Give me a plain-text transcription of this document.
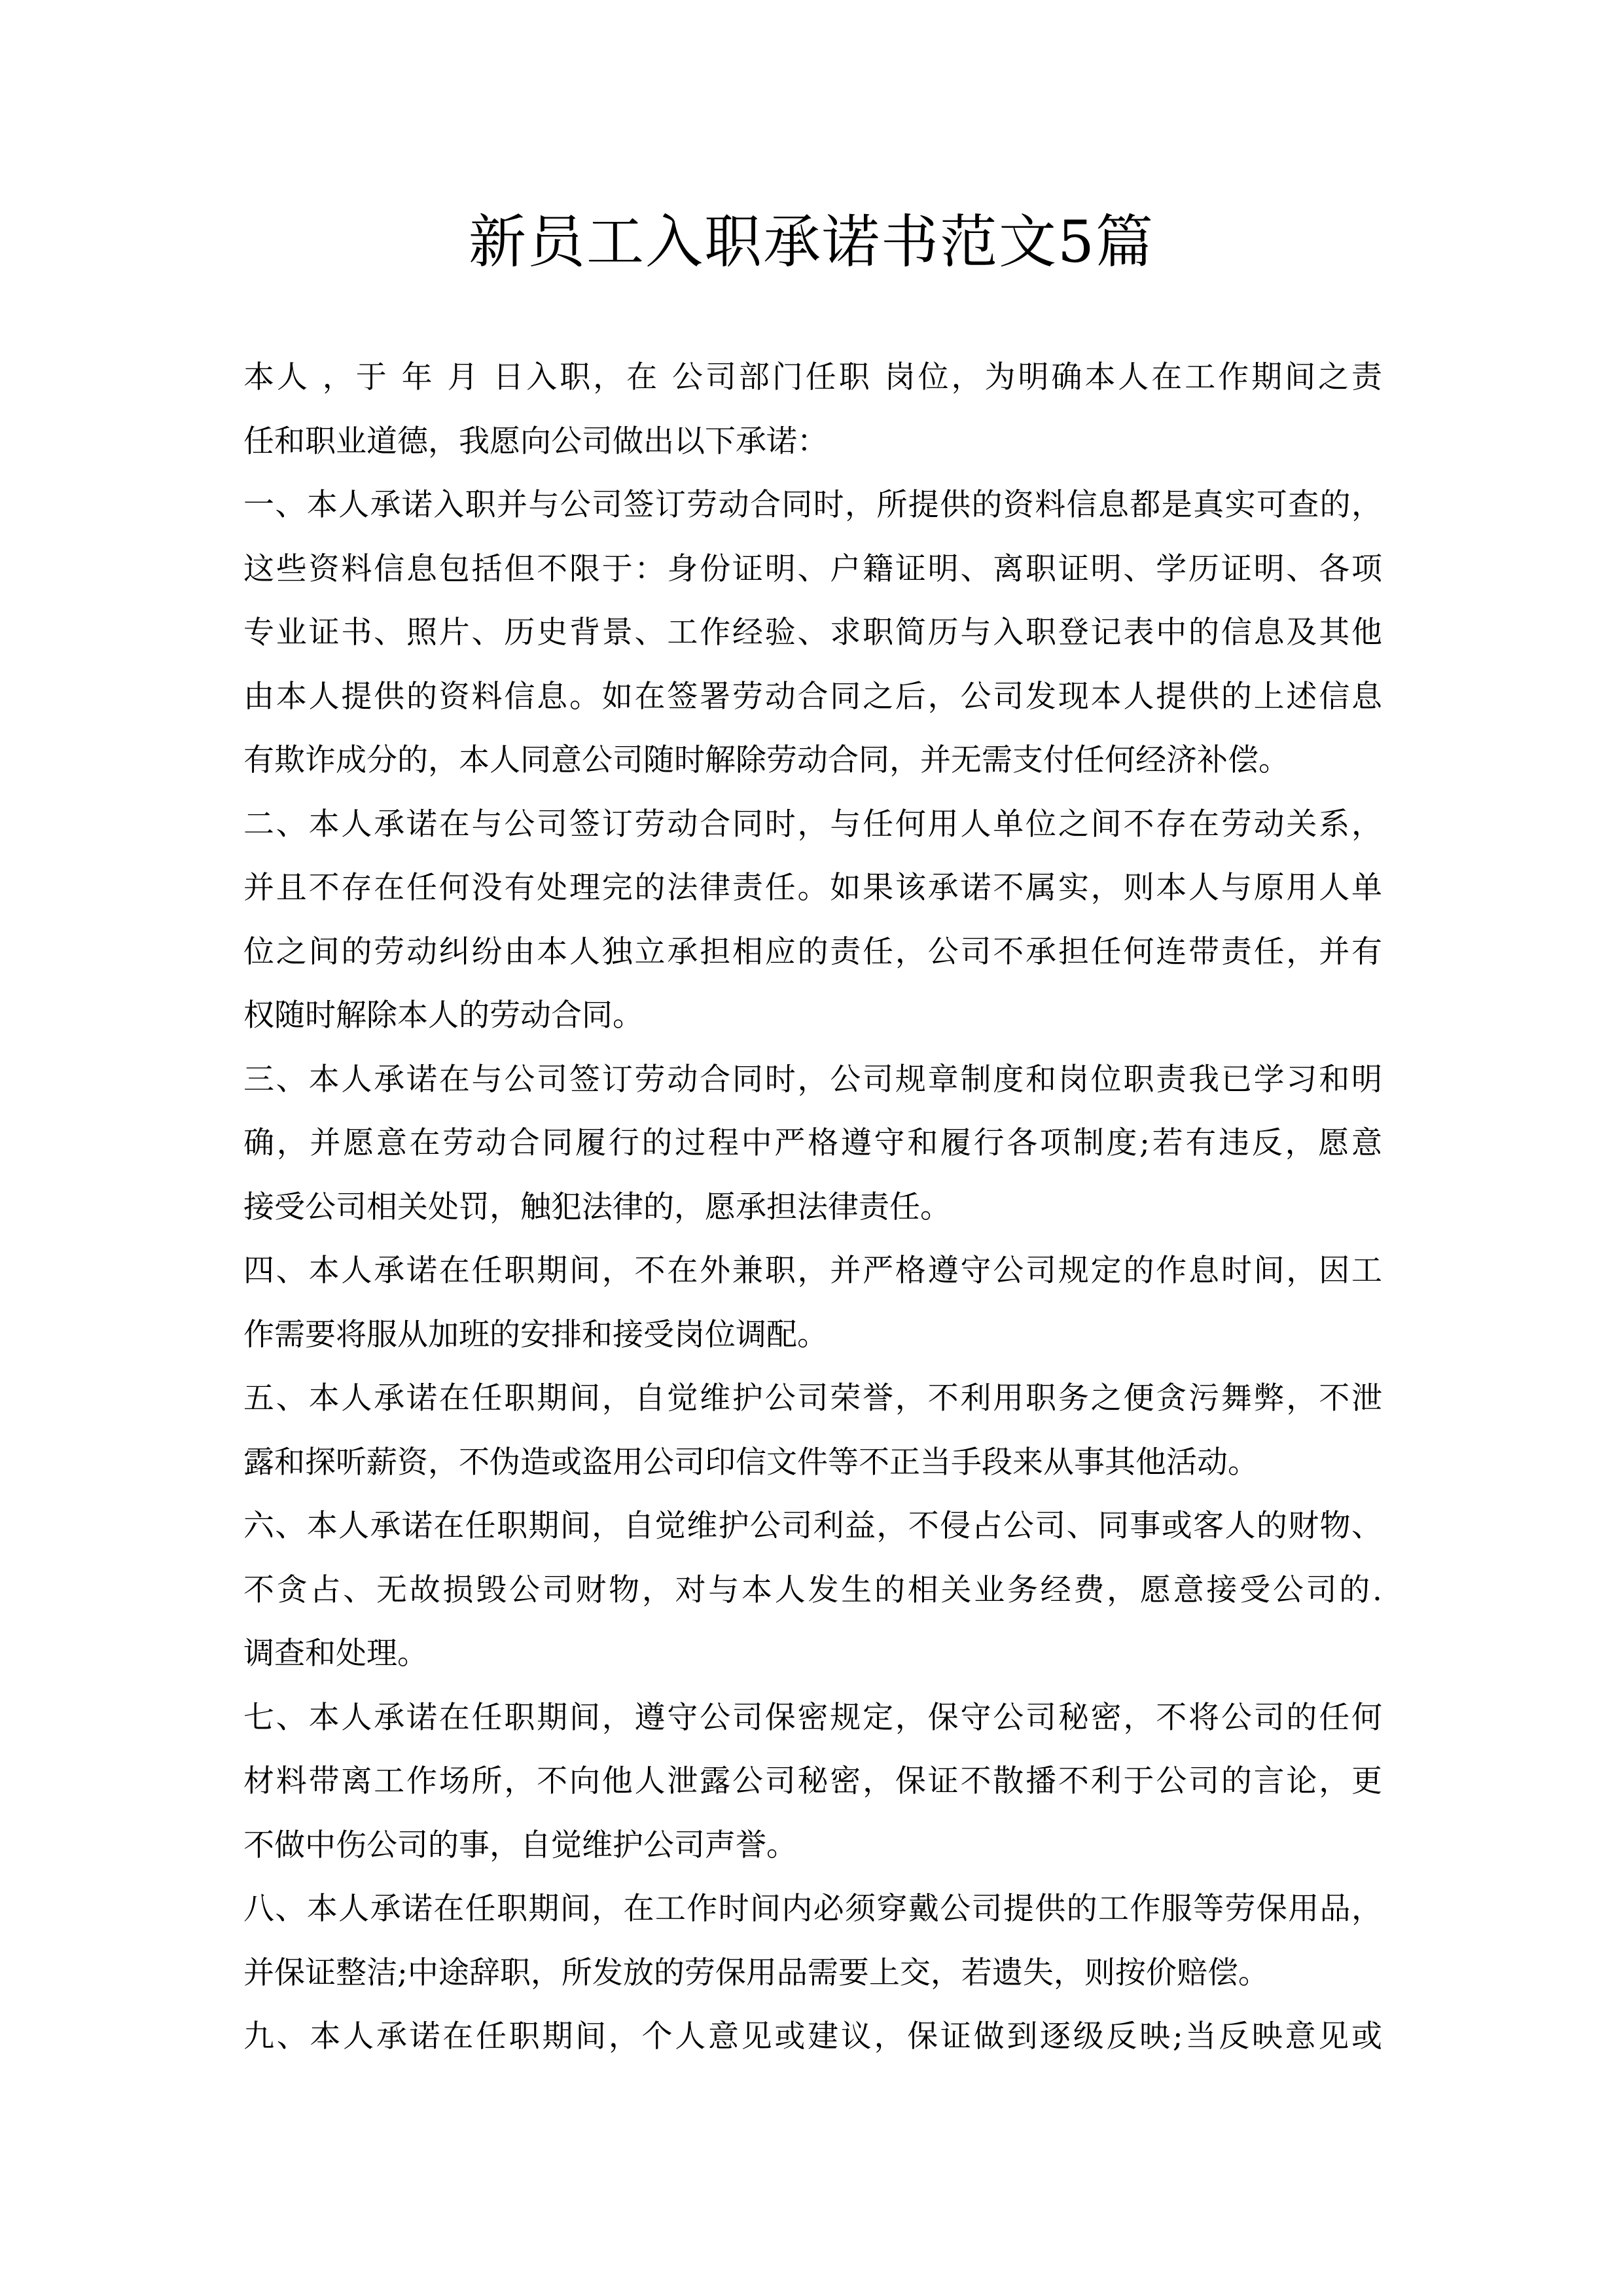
新员工入职承诺书范文5篇
本人 ，于 年 月 日入职，在 公司部门任职 岗位，为明确本人在工作期间之责
任和职业道德，我愿向公司做出以下承诺：
一、本人承诺入职并与公司签订劳动合同时，所提供的资料信息都是真实可查的，
这些资料信息包括但不限于：身份证明、户籍证明、离职证明、学历证明、各项
专业证书、照片、历史背景、工作经验、求职简历与入职登记表中的信息及其他
由本人提供的资料信息。如在签署劳动合同之后，公司发现本人提供的上述信息
有欺诈成分的，本人同意公司随时解除劳动合同，并无需支付任何经济补偿。
二、本人承诺在与公司签订劳动合同时，与任何用人单位之间不存在劳动关系，
并且不存在任何没有处理完的法律责任。如果该承诺不属实，则本人与原用人单
位之间的劳动纠纷由本人独立承担相应的责任，公司不承担任何连带责任，并有
权随时解除本人的劳动合同。
三、本人承诺在与公司签订劳动合同时，公司规章制度和岗位职责我已学习和明
确，并愿意在劳动合同履行的过程中严格遵守和履行各项制度;若有违反，愿意
接受公司相关处罚，触犯法律的，愿承担法律责任。
四、本人承诺在任职期间，不在外兼职，并严格遵守公司规定的作息时间，因工
作需要将服从加班的安排和接受岗位调配。
五、本人承诺在任职期间，自觉维护公司荣誉，不利用职务之便贪污舞弊，不泄
露和探听薪资，不伪造或盗用公司印信文件等不正当手段来从事其他活动。
六、本人承诺在任职期间，自觉维护公司利益，不侵占公司、同事或客人的财物、
不贪占、无故损毁公司财物，对与本人发生的相关业务经费，愿意接受公司的.
调查和处理。
七、本人承诺在任职期间，遵守公司保密规定，保守公司秘密，不将公司的任何
材料带离工作场所，不向他人泄露公司秘密，保证不散播不利于公司的言论，更
不做中伤公司的事，自觉维护公司声誉。
八、本人承诺在任职期间，在工作时间内必须穿戴公司提供的工作服等劳保用品，
并保证整洁;中途辞职，所发放的劳保用品需要上交，若遗失，则按价赔偿。
九、本人承诺在任职期间，个人意见或建议，保证做到逐级反映;当反映意见或
